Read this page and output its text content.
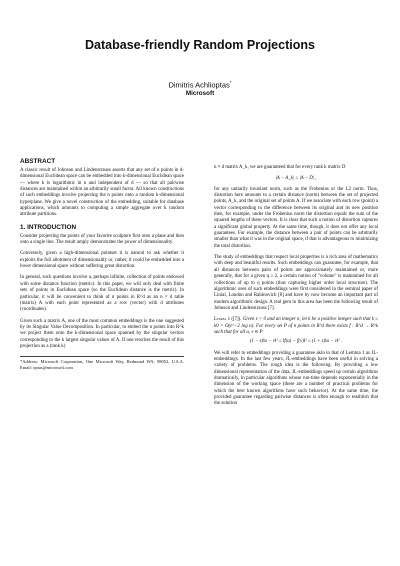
Database-friendly Random Projections
Dimitris Achlioptas*
Microsoft
ABSTRACT

A classic result of Johnson and Lindenstrauss asserts that any set of n points in d-dimensional Euclidean space can be embedded into k-dimensional Euclidean space — where k is logarithmic in n and independent of d — so that all pairwise distances are maintained within an arbitrarily small factor. All known constructions of such embeddings involve projecting the n points onto a random k-dimensional hyperplane. We give a novel construction of the embedding, suitable for database applications, which amounts to computing a simple aggregate over k random attribute partitions.

1. INTRODUCTION

Consider projecting the points of your favorite sculpture first onto a plane and then onto a single line. The result amply demonstrates the power of dimensionality.

Conversely, given a high-dimensional pointset it is natural to ask whether it exploits the full allotment of dimensionality or, rather, it could be embedded into a lower dimensional space without suffering great distortion.

In general, such questions involve a, perhaps infinite, collection of points endowed with some distance function (metric). In this paper, we will only deal with finite sets of points in Euclidean space (so the Euclidean distance is the metric). In particular, it will be convenient to think of n points in R^d as an n × d table (matrix) A with each point represented as a row (vector) with d attributes (coordinates).

Given such a matrix A, one of the most common embeddings is the one suggested by its Singular Value Decomposition. In particular, to embed the n points into R^k we project them onto the k-dimensional space spanned by the singular vectors corresponding to the k largest singular values of A. If one rewrites the result of this projection as a (rank k)

*Address: Microsoft Corporation, One Microsoft Way, Redmond WA, 98052, U.S.A. Email: optas@microsoft.com

n × d matrix A_k, we are guaranteed that for every rank k matrix D

|A − A_k| ≤ |A − D| ,

for any unitarily invariant norm, such as the Frobenius or the L2 norm. Thus, distortion here amounts to a certain distance (norm) between the set of projected points, A_k, and the original set of points A. If we associate with each row (point) a vector corresponding to the difference between its original and its new position then, for example, under the Frobenius norm the distortion equals the sum of the squared lengths of these vectors. It is clear that such a notion of distortion captures a significant global property. At the same time, though, it does not offer any local guarantees. For example, the distance between a pair of points can be arbitrarily smaller than what it was in the original space, if that is advantageous to minimizing the total distortion.

The study of embeddings that respect local properties is a rich area of mathematics with deep and beautiful results. Such embeddings can guarantee, for example, that all distances between pairs of points are approximately maintained or, more generally, that for a given q ≥ 2, a certain notion of "volume" is maintained for all collections of up to q points (thus capturing higher order local structure). The algorithmic uses of such embeddings were first considered in the seminal paper of Linial, London and Rabinovich [8] and have by now become an important part of modern algorithmic design. A real gem in this area has been the following result of Johnson and Lindenstrauss [7].

Lemma 1 ([7]). Given ε > 0 and an integer n, let k be a positive integer such that k ≥ k0 = O(ε^−2 log n). For every set P of n points in R^d there exists f : R^d → R^k such that for all u, v ∈ P
(1 − ε)‖u − v‖² ≤ ‖f(u) − f(v)‖² ≤ (1 + ε)‖u − v‖² .

We will refer to embeddings providing a guarantee akin to that of Lemma 1 as JL-embeddings. In the last few years, JL-embeddings have been useful in solving a variety of problems. The rough idea is the following. By providing a low dimensional representation of the data, JL-embeddings speed up certain algorithms dramatically, in particular algorithms whose run-time depends exponentially in the dimension of the working space (there are a number of practical problems for which the best known algorithms have such behavior). At the same time, the provided guarantee regarding pairwise distances is often enough to establish that the solution
